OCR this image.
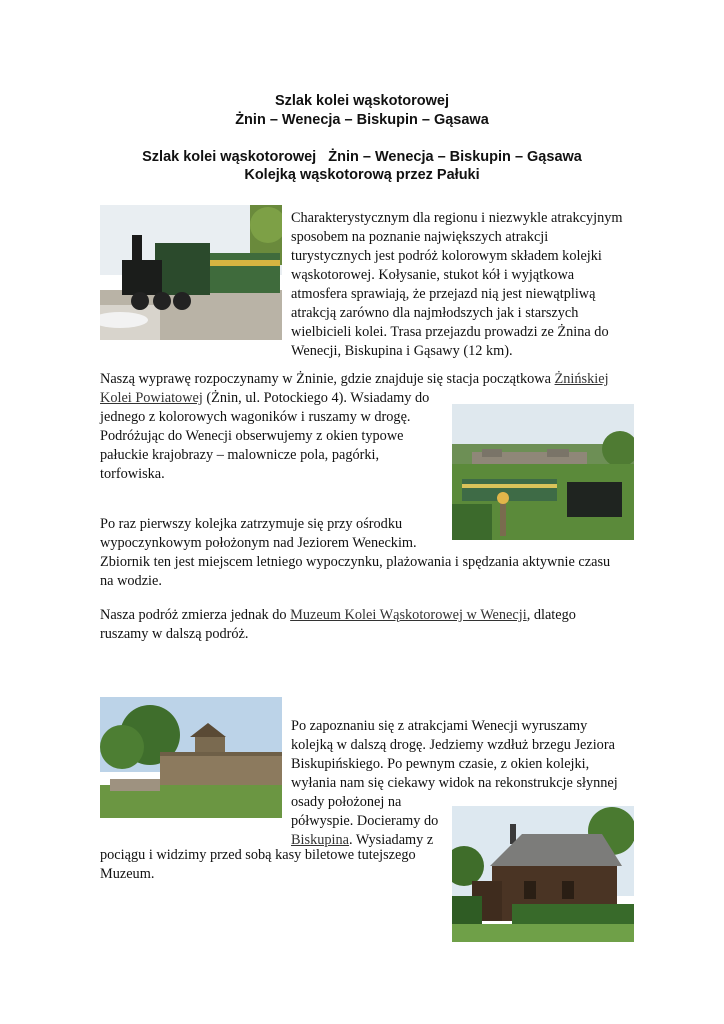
Szlak kolei wąskotorowej
Żnin – Wenecja – Biskupin – Gąsawa
Szlak kolei wąskotorowej   Żnin – Wenecja – Biskupin – Gąsawa
Kolejką wąskotorową przez Pałuki
Charakterystycznym dla regionu i niezwykle atrakcyjnym
sposobem na poznanie największych atrakcji
turystycznych jest podróż kolorowym składem kolejki
wąskotorowej. Kołysanie, stukot kół i wyjątkowa
atmosfera sprawiają, że przejazd nią jest niewątpliwą
atrakcją zarówno dla najmłodszych jak i starszych
wielbicieli kolei. Trasa przejazdu prowadzi ze Żnina do
Wenecji, Biskupina i Gąsawy (12 km).
Naszą wyprawę rozpoczynamy w Żninie, gdzie znajduje się stacja początkowa Żnińskiej
Kolei Powiatowej (Żnin, ul. Potockiego 4). Wsiadamy do
jednego z kolorowych wagoników i ruszamy w drogę.
Podróżując do Wenecji obserwujemy z okien typowe
pałuckie krajobrazy – malownicze pola, pagórki,
torfowiska.
Po raz pierwszy kolejka zatrzymuje się przy ośrodku
wypoczynkowym położonym nad Jeziorem Weneckim.
Zbiornik ten jest miejscem letniego wypoczynku, plażowania i spędzania aktywnie czasu
na wodzie.
Nasza podróż zmierza jednak do Muzeum Kolei Wąskotorowej w Wenecji, dlatego
ruszamy w dalszą podróż.
Po zapoznaniu się z atrakcjami Wenecji wyruszamy
kolejką w dalszą drogę. Jedziemy wzdłuż brzegu Jeziora
Biskupińskiego. Po pewnym czasie, z okien kolejki,
wyłania nam się ciekawy widok na rekonstrukcje słynnej
osady położonej na
półwyspie. Docieramy do
Biskupina. Wysiadamy z
pociągu i widzimy przed sobą kasy biletowe tutejszego
Muzeum.
